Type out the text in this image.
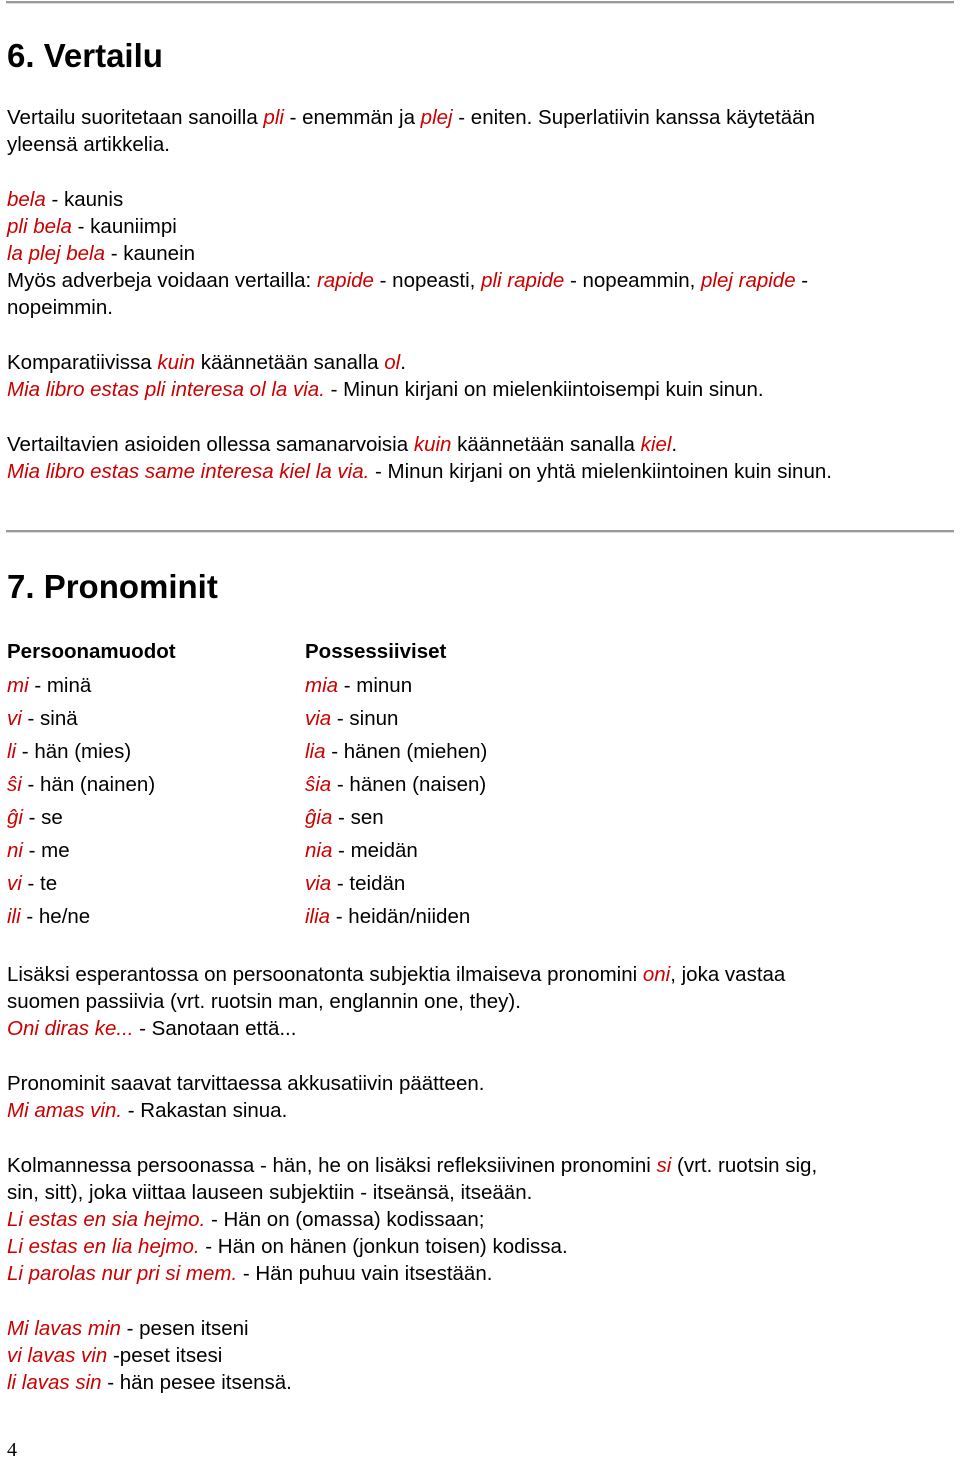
6. Vertailu
Vertailu suoritetaan sanoilla pli - enemmän ja plej - eniten. Superlatiivin kanssa käytetään
yleensä artikkelia.
bela - kaunis
pli bela - kauniimpi
la plej bela - kaunein
Myös adverbeja voidaan vertailla: rapide - nopeasti, pli rapide - nopeammin, plej rapide -
nopeimmin.
Komparatiivissa kuin käännetään sanalla ol.
Mia libro estas pli interesa ol la via. - Minun kirjani on mielenkiintoisempi kuin sinun.
Vertailtavien asioiden ollessa samanarvoisia kuin käännetään sanalla kiel.
Mia libro estas same interesa kiel la via. - Minun kirjani on yhtä mielenkiintoinen kuin sinun.
7. Pronominit
Persoonamuodot	Possessiiviset
mi - minä
vi - sinä
li - hän (mies)
ŝi - hän (nainen)
ĝi - se
ni - me
vi - te
ili - he/ne
mia - minun
via - sinun
lia - hänen (miehen)
ŝia - hänen (naisen)
ĝia - sen
nia - meidän
via - teidän
ilia - heidän/niiden
Lisäksi esperantossa on persoonatonta subjektia ilmaiseva pronomini oni, joka vastaa
suomen passiivia (vrt. ruotsin man, englannin one, they).
Oni diras ke... - Sanotaan että...
Pronominit saavat tarvittaessa akkusatiivin päätteen.
Mi amas vin. - Rakastan sinua.
Kolmannessa persoonassa - hän, he on lisäksi refleksiivinen pronomini si (vrt. ruotsin sig,
sin, sitt), joka viittaa lauseen subjektiin - itseänsä, itseään.
Li estas en sia hejmo. - Hän on (omassa) kodissaan;
Li estas en lia hejmo. - Hän on hänen (jonkun toisen) kodissa.
Li parolas nur pri si mem. - Hän puhuu vain itsestään.
Mi lavas min - pesen itseni
vi lavas vin -peset itsesi
li lavas sin - hän pesee itsensä.
4
